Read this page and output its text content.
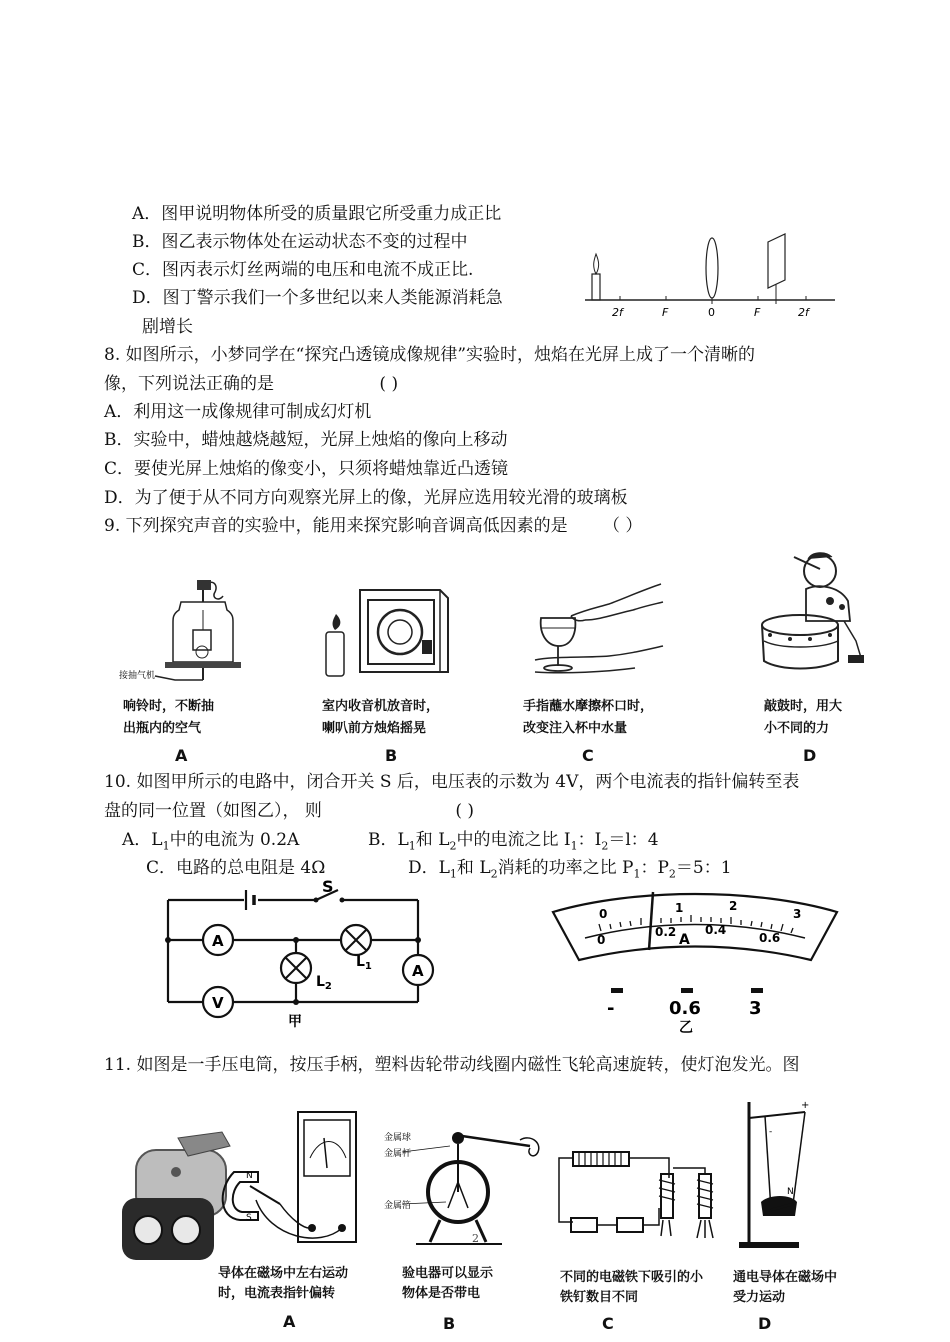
A．图甲说明物体所受的质量跟它所受重力成正比
B．图乙表示物体处在运动状态不变的过程中
C．图丙表示灯丝两端的电压和电流不成正比.
D．图丁警示我们一个多世纪以来人类能源消耗急
剧增长
2f	F	0	F	2f
8. 如图所示，小梦同学在“探究凸透镜成像规律”实验时，烛焰在光屏上成了一个清晰的
像，下列说法正确的是	( )
A．利用这一成像规律可制成幻灯机
B．实验中，蜡烛越烧越短，光屏上烛焰的像向上移动
C．要使光屏上烛焰的像变小，只须将蜡烛靠近凸透镜
D．为了便于从不同方向观察光屏上的像，光屏应选用较光滑的玻璃板
9. 下列探究声音的实验中，能用来探究影响音调高低因素的是 （ ）
接抽气机
响铃时，不断抽
出瓶内的空气
室内收音机放音时，
喇叭前方烛焰摇晃
手指蘸水摩擦杯口时，
改变注入杯中水量
敲鼓时，用大
小不同的力
A	B	C	D
10. 如图甲所示的电路中，闭合开关 S 后，电压表的示数为 4V，两个电流表的指针偏转至表
盘的同一位置（如图乙）， 则	( )
A．$L_1$中的电流为 0.2A	B．$L_1$和 $L_2$中的电流之比 $I_1$：$I_2=l$：4
C．电路的总电阻是 4Ω	D．$L_1$和 $L_2$消耗的功率之比 $P_1$：$P_2=5$：1
A
$L_1$
$L_2$
A
V
S
甲
0	1	2
3
0
0.2 0.4
0.6
A
-	0.6	3
乙
11. 如图是一手压电筒，按压手柄，塑料齿轮带动线圈内磁性飞轮高速旋转，使灯泡发光。图
N
S
金属球
金属杆
金属箔
+
N
-
导体在磁场中左右运动
时，电流表指针偏转
验电器可以显示
物体是否带电
不同的电磁铁下吸引的小
铁钉数目不同
通电导体在磁场中
受力运动
A	B	C	D
2
